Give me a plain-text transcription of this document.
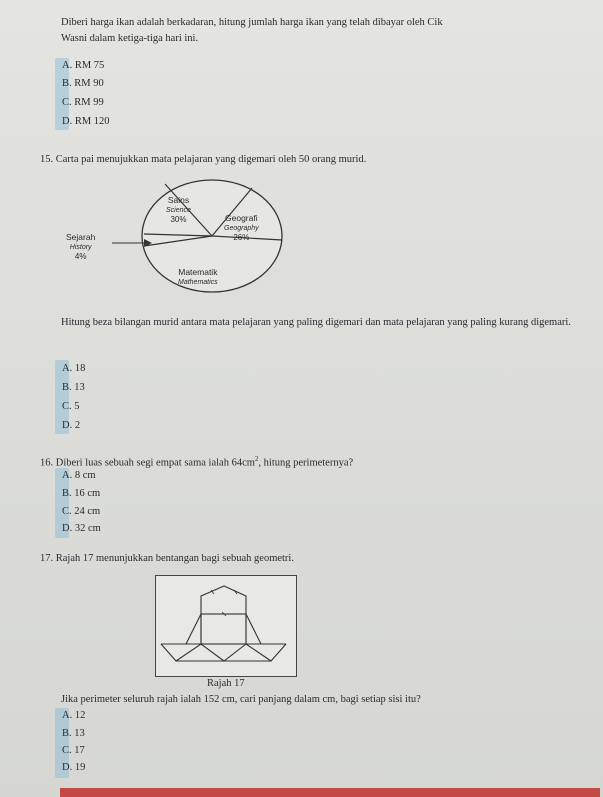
Diberi harga ikan adalah berkadaran, hitung jumlah harga ikan yang telah dibayar oleh Cik
Wasni dalam ketiga-tiga hari ini.
A. RM 75
B. RM 90
C. RM 99
D. RM 120
15. Carta pai menujukkan mata pelajaran yang digemari oleh 50 orang murid.
Sains
Science
30%	Geografi
Geography
26%
Sejarah
History
4%
Matematik
Mathematics
Hitung beza bilangan murid antara mata pelajaran yang paling digemari dan mata pelajaran yang paling kurang digemari.
A. 18
B. 13
C. 5
D. 2
16. Diberi luas sebuah segi empat sama ialah $64cm^2$, hitung perimeternya?
A. 8 cm
B. 16 cm
C. 24 cm
D. 32 cm
17. Rajah 17 menunjukkan bentangan bagi sebuah geometri.
Rajah 17
Jika perimeter seluruh rajah ialah 152 cm, cari panjang dalam cm, bagi setiap sisi itu?
A. 12
B. 13
C. 17
D. 19
